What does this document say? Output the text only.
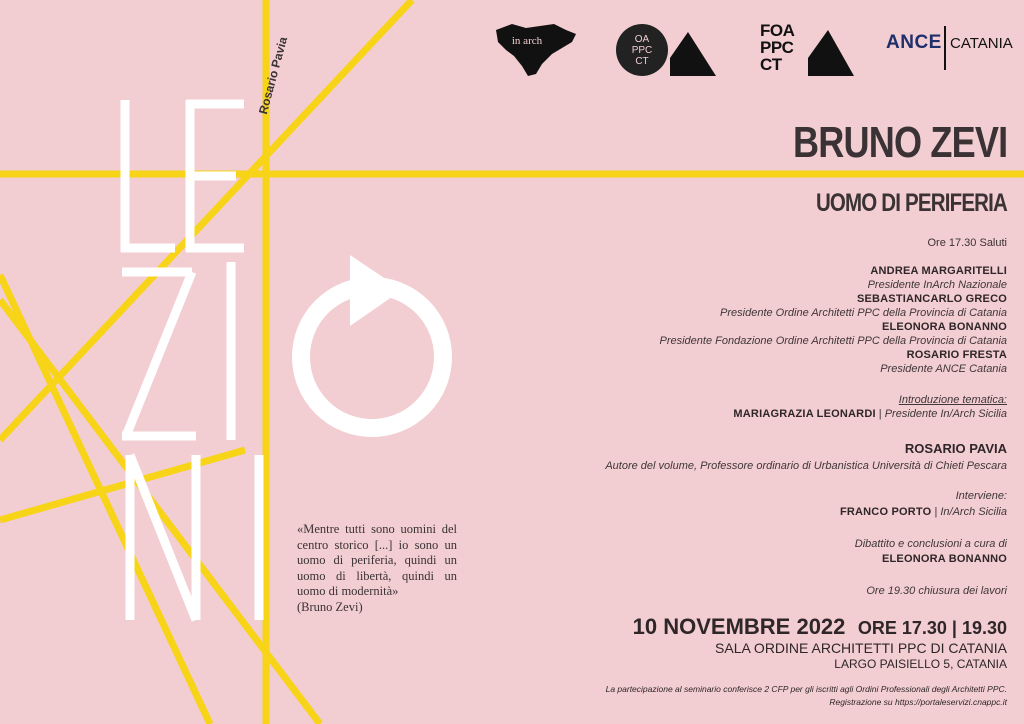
Rosario Pavia	in arch	OA
PPC
CT
FOA
PPC
CT
ANCE CATANIA
BRUNO ZEVI
UOMO DI PERIFERIA
Ore 17.30 Saluti
ANDREA MARGARITELLI
Presidente InArch Nazionale
SEBASTIANCARLO GRECO
Presidente Ordine Architetti PPC della Provincia di Catania
ELEONORA BONANNO
Presidente Fondazione Ordine Architetti PPC della Provincia di Catania
ROSARIO FRESTA
Presidente ANCE Catania
Introduzione tematica:
MARIAGRAZIA LEONARDI | Presidente In/Arch Sicilia
ROSARIO PAVIA
Autore del volume, Professore ordinario di Urbanistica Università di Chieti Pescara
Interviene:
FRANCO PORTO | In/Arch Sicilia
Dibattito e conclusioni a cura di
ELEONORA BONANNO
Ore 19.30 chiusura dei lavori
10 NOVEMBRE 2022 ORE 17.30 | 19.30
SALA ORDINE ARCHITETTI PPC DI CATANIA
LARGO PAISIELLO 5, CATANIA
La partecipazione al seminario conferisce 2 CFP per gli iscritti agli Ordini Professionali degli Architetti PPC.
Registrazione su https://portaleservizi.cnappc.it
«Mentre tutti sono uomini del centro storico [...] io sono un uomo di periferia, quindi un uomo di libertà, quindi un uomo di modernità»
(Bruno Zevi)
